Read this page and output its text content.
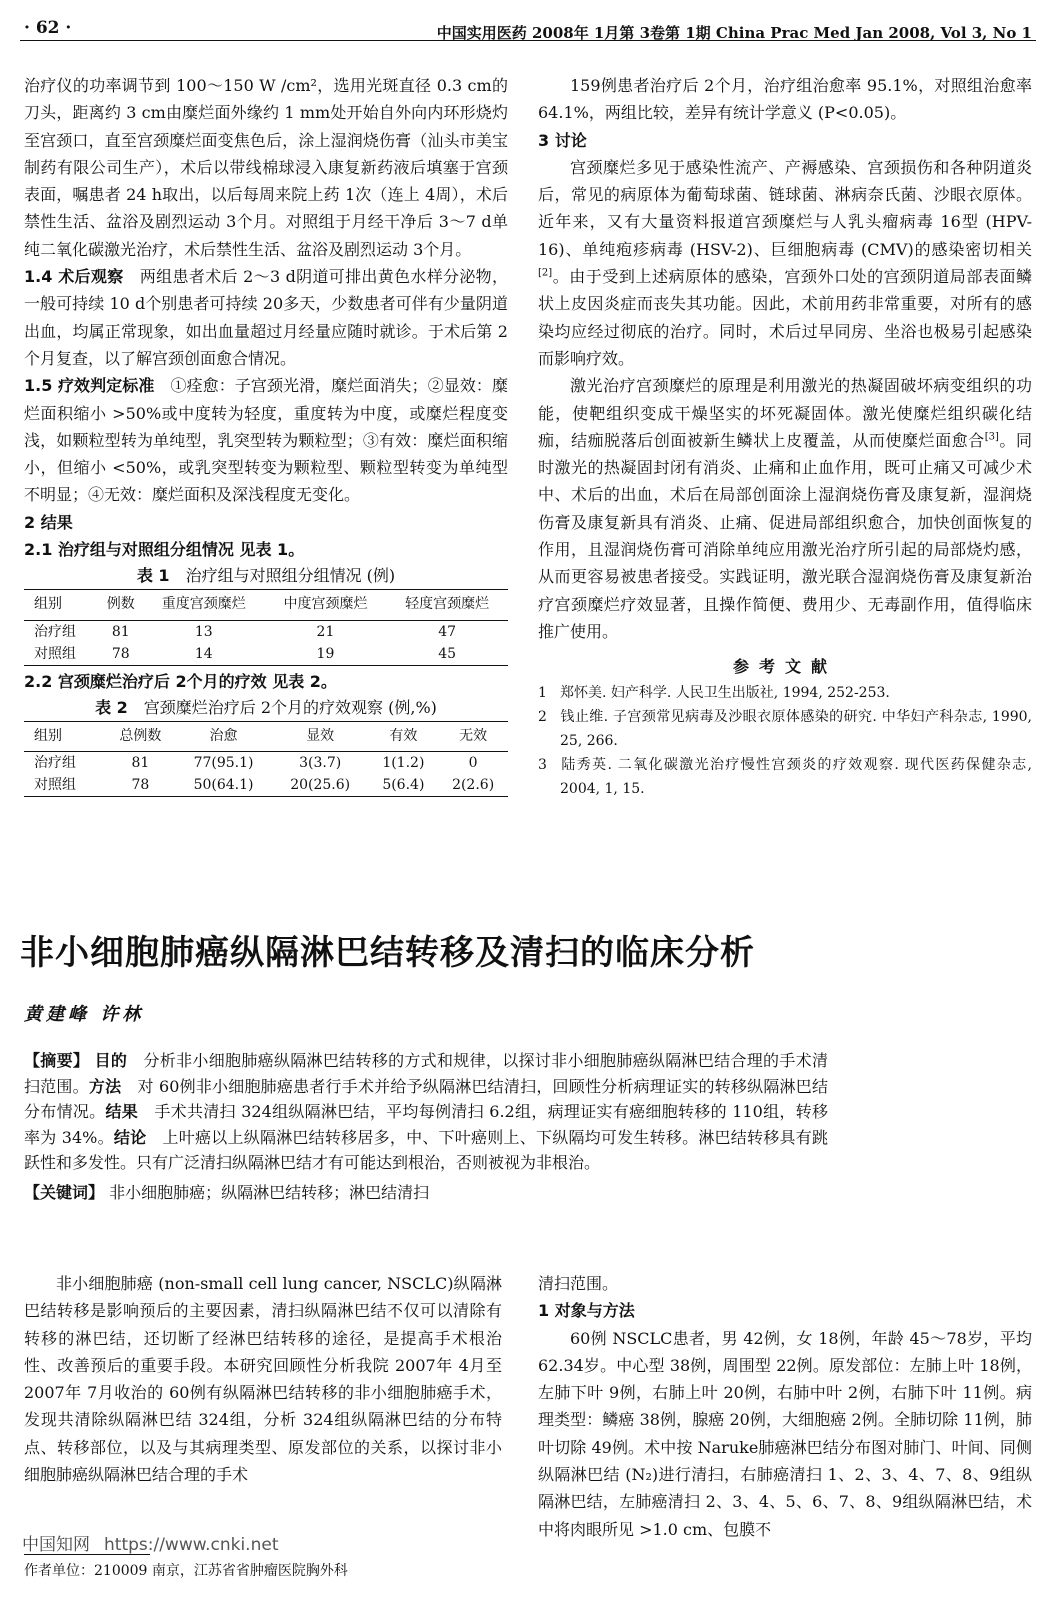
· 62 ·	中国实用医药 2008年 1月第 3卷第 1期 China Prac Med Jan 2008, Vol 3, No 1

治疗仪的功率调节到 100～150 W /cm²，选用光斑直径 0.3 cm的刀头，距离约 3 cm由糜烂面外缘约 1 mm处开始自外向内环形烧灼至宫颈口，直至宫颈糜烂面变焦色后，涂上湿润烧伤膏（汕头市美宝制药有限公司生产），术后以带线棉球浸入康复新药液后填塞于宫颈表面，嘱患者 24 h取出，以后每周来院上药 1次（连上 4周），术后禁性生活、盆浴及剧烈运动 3个月。对照组于月经干净后 3～7 d单纯二氧化碳激光治疗，术后禁性生活、盆浴及剧烈运动 3个月。

1.4 术后观察  两组患者术后 2～3 d阴道可排出黄色水样分泌物，一般可持续 10 d个别患者可持续 20多天，少数患者可伴有少量阴道出血，均属正常现象，如出血量超过月经量应随时就诊。于术后第 2个月复查，以了解宫颈创面愈合情况。

1.5 疗效判定标准  ①痊愈：子宫颈光滑，糜烂面消失；②显效：糜烂面积缩小 >50%或中度转为轻度，重度转为中度，或糜烂程度变浅，如颗粒型转为单纯型，乳突型转为颗粒型；③有效：糜烂面积缩小，但缩小 <50%，或乳突型转变为颗粒型、颗粒型转变为单纯型不明显；④无效：糜烂面积及深浅程度无变化。

2 结果

2.1 治疗组与对照组分组情况 见表 1。

表 1  治疗组与对照组分组情况 (例)
组别	例数	重度宫颈糜烂	中度宫颈糜烂	轻度宫颈糜烂
治疗组	81	13	21	47
对照组	78	14	19	45

2.2 宫颈糜烂治疗后 2个月的疗效 见表 2。

表 2  宫颈糜烂治疗后 2个月的疗效观察 (例,%)
组别	总例数	治愈	显效	有效	无效
治疗组	81	77(95.1)	3(3.7)	1(1.2)	0
对照组	78	50(64.1)	20(25.6)	5(6.4)	2(2.6)

159例患者治疗后 2个月，治疗组治愈率 95.1%，对照组治愈率 64.1%，两组比较，差异有统计学意义 (P<0.05)。

3 讨论

宫颈糜烂多见于感染性流产、产褥感染、宫颈损伤和各种阴道炎后，常见的病原体为葡萄球菌、链球菌、淋病奈氏菌、沙眼衣原体。近年来，又有大量资料报道宫颈糜烂与人乳头瘤病毒 16型 (HPV-16)、单纯疱疹病毒 (HSV-2)、巨细胞病毒 (CMV)的感染密切相关[2]。由于受到上述病原体的感染，宫颈外口处的宫颈阴道局部表面鳞状上皮因炎症而丧失其功能。因此，术前用药非常重要，对所有的感染均应经过彻底的治疗。同时，术后过早同房、坐浴也极易引起感染而影响疗效。

激光治疗宫颈糜烂的原理是利用激光的热凝固破坏病变组织的功能，使靶组织变成干燥坚实的坏死凝固体。激光使糜烂组织碳化结痂，结痂脱落后创面被新生鳞状上皮覆盖，从而使糜烂面愈合[3]。同时激光的热凝固封闭有消炎、止痛和止血作用，既可止痛又可减少术中、术后的出血，术后在局部创面涂上湿润烧伤膏及康复新，湿润烧伤膏及康复新具有消炎、止痛、促进局部组织愈合，加快创面恢复的作用，且湿润烧伤膏可消除单纯应用激光治疗所引起的局部烧灼感，从而更容易被患者接受。实践证明，激光联合湿润烧伤膏及康复新治疗宫颈糜烂疗效显著，且操作简便、费用少、无毒副作用，值得临床推广使用。

参考文献
1 郑怀美. 妇产科学. 人民卫生出版社, 1994, 252-253.
2 钱止维. 子宫颈常见病毒及沙眼衣原体感染的研究. 中华妇产科杂志, 1990, 25, 266.
3 陆秀英. 二氧化碳激光治疗慢性宫颈炎的疗效观察. 现代医药保健杂志, 2004, 1, 15.
非小细胞肺癌纵隔淋巴结转移及清扫的临床分析
黄建峰 许林

【摘要】 目的  分析非小细胞肺癌纵隔淋巴结转移的方式和规律，以探讨非小细胞肺癌纵隔淋巴结合理的手术清扫范围。方法  对 60例非小细胞肺癌患者行手术并给予纵隔淋巴结清扫，回顾性分析病理证实的转移纵隔淋巴结分布情况。结果  手术共清扫 324组纵隔淋巴结，平均每例清扫 6.2组，病理证实有癌细胞转移的 110组，转移率为 34%。结论  上叶癌以上纵隔淋巴结转移居多，中、下叶癌则上、下纵隔均可发生转移。淋巴结转移具有跳跃性和多发性。只有广泛清扫纵隔淋巴结才有可能达到根治，否则被视为非根治。

【关键词】 非小细胞肺癌；纵隔淋巴结转移；淋巴结清扫

非小细胞肺癌 (non-small cell lung cancer, NSCLC)纵隔淋巴结转移是影响预后的主要因素，清扫纵隔淋巴结不仅可以清除有转移的淋巴结，还切断了经淋巴结转移的途径，是提高手术根治性、改善预后的重要手段。本研究回顾性分析我院 2007年 4月至 2007年 7月收治的 60例有纵隔淋巴结转移的非小细胞肺癌手术，发现共清除纵隔淋巴结 324组，分析 324组纵隔淋巴结的分布特点、转移部位，以及与其病理类型、原发部位的关系，以探讨非小细胞肺癌纵隔淋巴结合理的手术

清扫范围。

1 对象与方法

60例 NSCLC患者，男 42例，女 18例，年龄 45～78岁，平均 62.34岁。中心型 38例，周围型 22例。原发部位：左肺上叶 18例，左肺下叶 9例，右肺上叶 20例，右肺中叶 2例，右肺下叶 11例。病理类型：鳞癌 38例，腺癌 20例，大细胞癌 2例。全肺切除 11例，肺叶切除 49例。术中按 Naruke肺癌淋巴结分布图对肺门、叶间、同侧纵隔淋巴结 (N₂)进行清扫，右肺癌清扫 1、2、3、4、7、8、9组纵隔淋巴结，左肺癌清扫 2、3、4、5、6、7、8、9组纵隔淋巴结，术中将肉眼所见 >1.0 cm、包膜不

中国知网 https://www.cnki.net
作者单位：210009 南京，江苏省省肿瘤医院胸外科
